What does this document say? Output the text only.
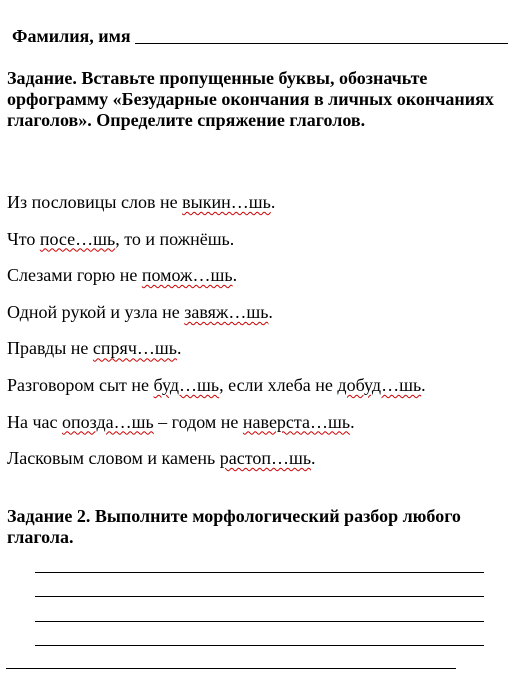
Фамилия, имя

Задание. Вставьте пропущенные буквы, обозначьте орфограмму «Безударные окончания в личных окончаниях глаголов». Определите спряжение глаголов.

Из пословицы слов не выкин…шь.
Что посе…шь, то и пожнёшь.
Слезами горю не помож…шь.
Одной рукой и узла не завяж…шь.
Правды не спряч…шь.
Разговором сыт не буд…шь, если хлеба не добуд…шь.
На час опозда…шь – годом не наверста…шь.
Ласковым словом и камень растоп…шь.

Задание 2. Выполните морфологический разбор любого глагола.
